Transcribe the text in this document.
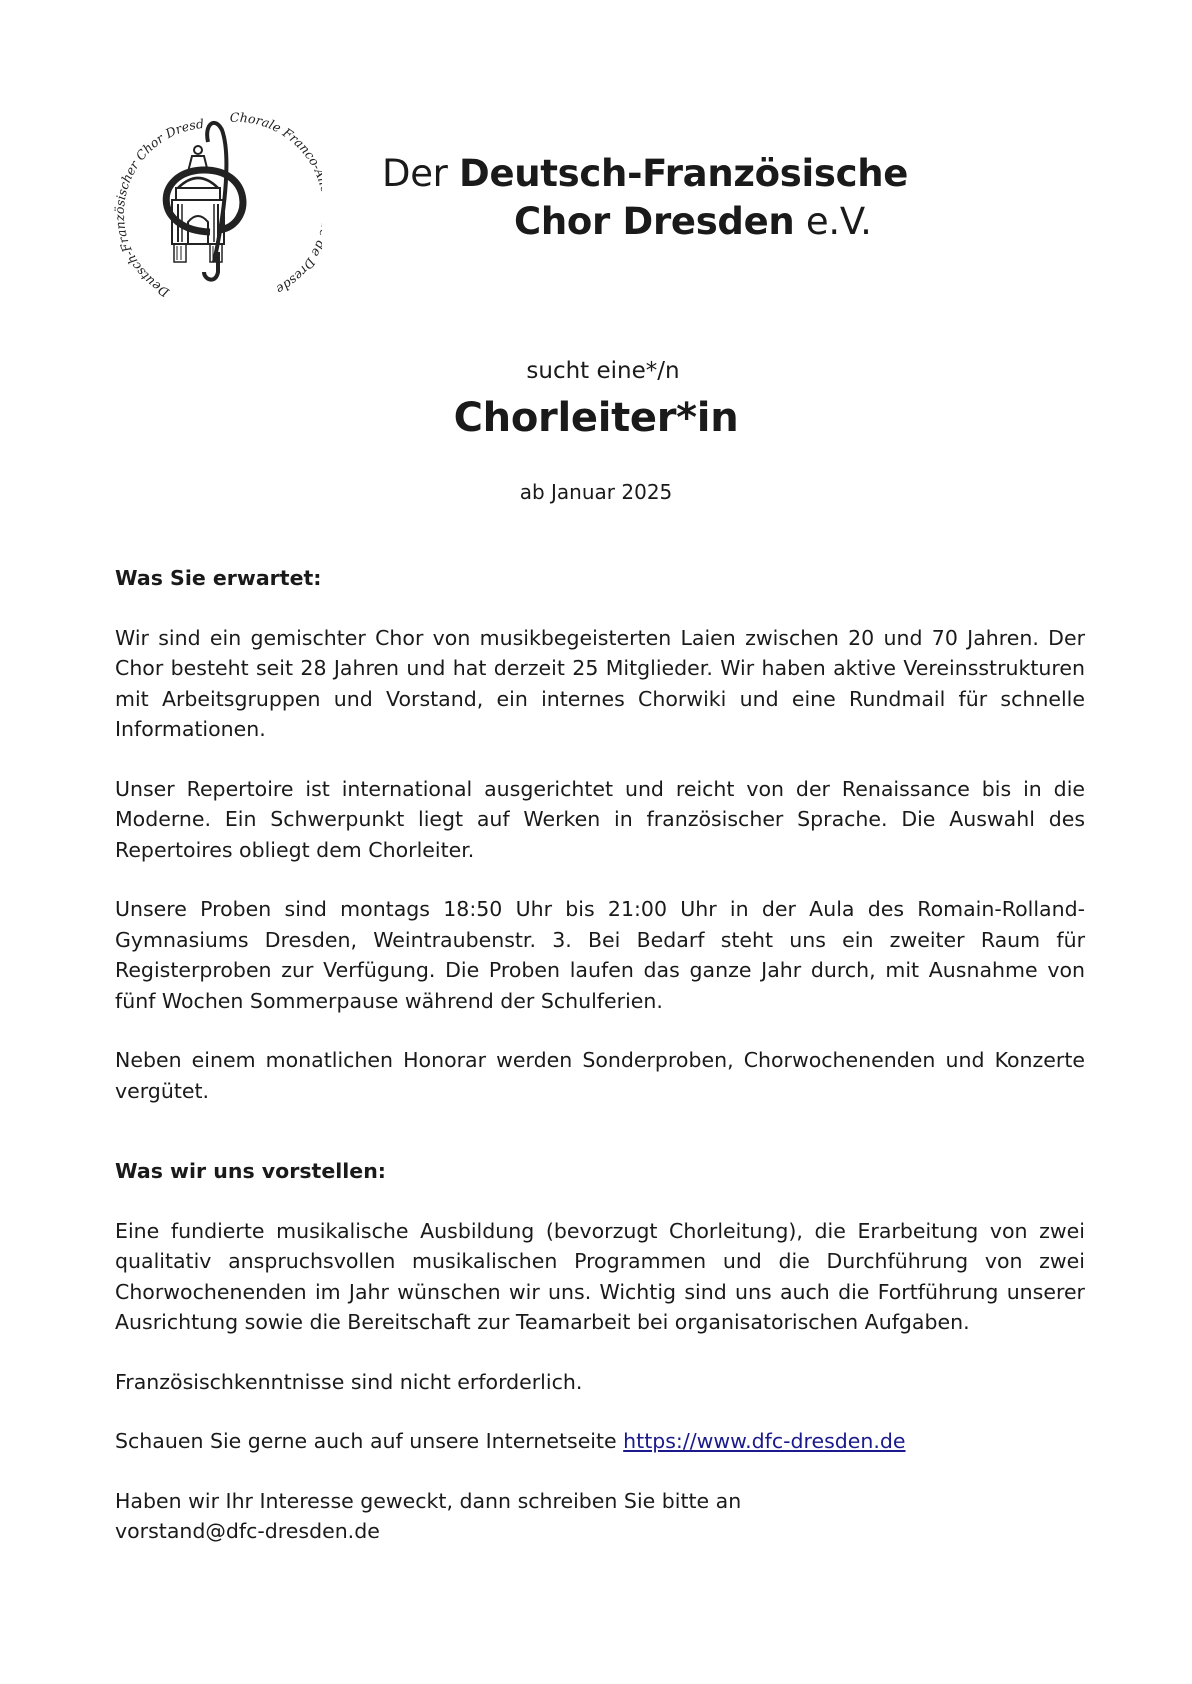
Deutsch-Französischer Chor Dresd Chorale Franco Dresde
Der Deutsch-Französische
Chor Dresden e.V.
sucht eine*/n
Chorleiter*in
ab Januar 2025
Was Sie erwartet:

Wir sind ein gemischter Chor von musikbegeisterten Laien zwischen 20 und 70 Jahren. Der Chor besteht seit 28 Jahren und hat derzeit 25 Mitglieder. Wir haben aktive Vereinsstrukturen mit Arbeitsgruppen und Vorstand, ein internes Chorwiki und eine Rundmail für schnelle Informationen.

Unser Repertoire ist international ausgerichtet und reicht von der Renaissance bis in die Moderne. Ein Schwerpunkt liegt auf Werken in französischer Sprache. Die Auswahl des Repertoires obliegt dem Chorleiter.

Unsere Proben sind montags 18:50 Uhr bis 21:00 Uhr in der Aula des Romain-Rolland-Gymnasiums Dresden, Weintraubenstr. 3. Bei Bedarf steht uns ein zweiter Raum für Registerproben zur Verfügung. Die Proben laufen das ganze Jahr durch, mit Ausnahme von fünf Wochen Sommerpause während der Schulferien.

Neben einem monatlichen Honorar werden Sonderproben, Chorwochenenden und Konzerte vergütet.

Was wir uns vorstellen:

Eine fundierte musikalische Ausbildung (bevorzugt Chorleitung), die Erarbeitung von zwei qualitativ anspruchsvollen musikalischen Programmen und die Durchführung von zwei Chorwochenenden im Jahr wünschen wir uns. Wichtig sind uns auch die Fortführung unserer Ausrichtung sowie die Bereitschaft zur Teamarbeit bei organisatorischen Aufgaben.

Französischkenntnisse sind nicht erforderlich.

Schauen Sie gerne auch auf unsere Internetseite https://www.dfc-dresden.de

Haben wir Ihr Interesse geweckt, dann schreiben Sie bitte an
vorstand@dfc-dresden.de
